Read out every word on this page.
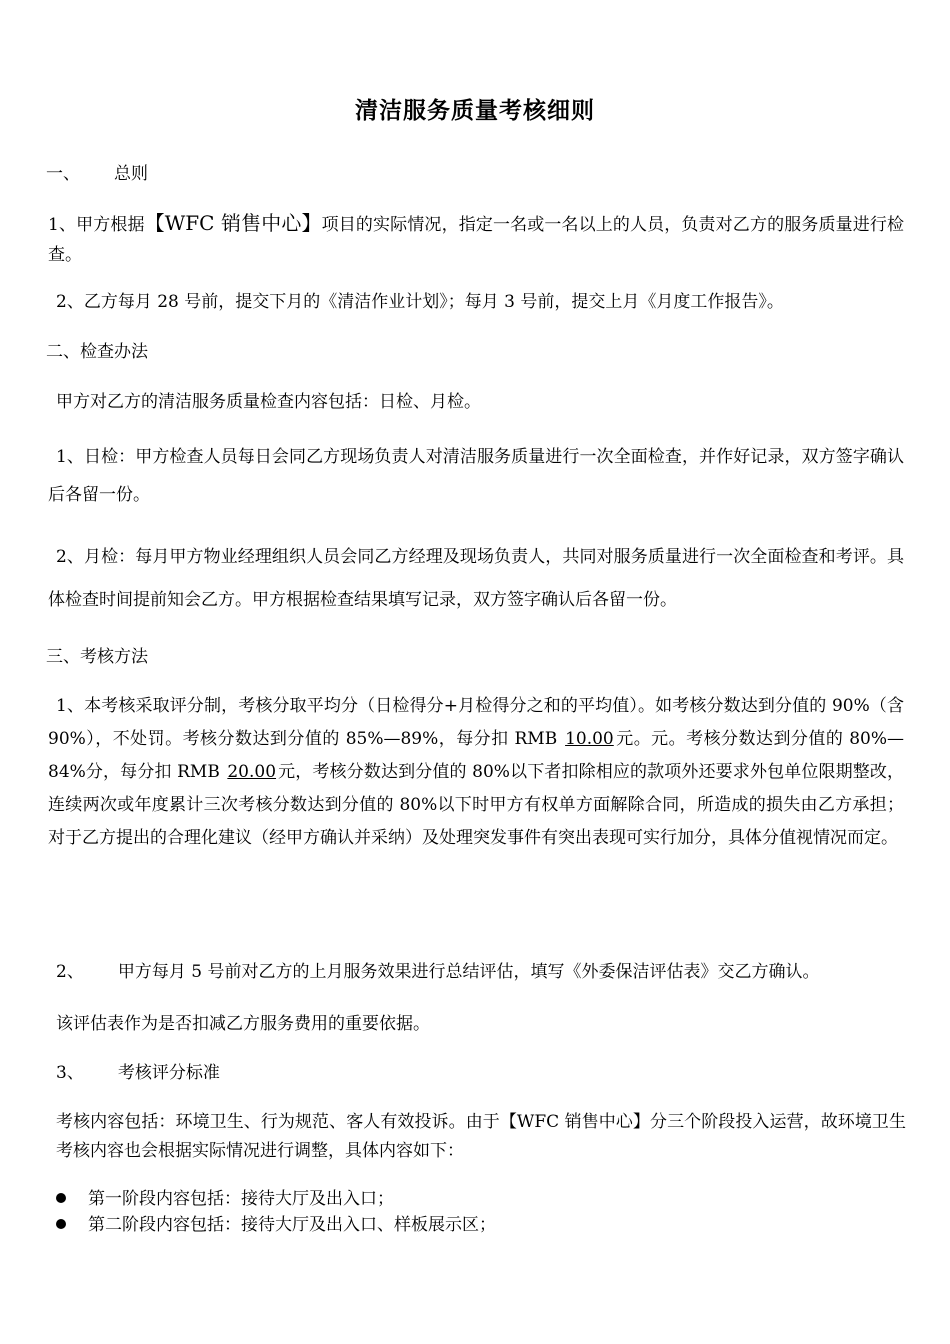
清洁服务质量考核细则
一、 总则
1、甲方根据【WFC 销售中心】项目的实际情况，指定一名或一名以上的人员，负责对乙方的服务质量进行检查。
2、乙方每月 28 号前，提交下月的《清洁作业计划》；每月 3 号前，提交上月《月度工作报告》。
二、检查办法
甲方对乙方的清洁服务质量检查内容包括：日检、月检。
1、日检：甲方检查人员每日会同乙方现场负责人对清洁服务质量进行一次全面检查，并作好记录，双方签字确认后各留一份。
2、月检：每月甲方物业经理组织人员会同乙方经理及现场负责人，共同对服务质量进行一次全面检查和考评。具体检查时间提前知会乙方。甲方根据检查结果填写记录，双方签字确认后各留一份。
三、考核方法
1、本考核采取评分制，考核分取平均分（日检得分+月检得分之和的平均值）。如考核分数达到分值的 90%（含 90%），不处罚。考核分数达到分值的 85%—89%，每分扣 RMB 10.00 元。元。考核分数达到分值的 80%—84%分，每分扣 RMB 20.00 元，考核分数达到分值的 80%以下者扣除相应的款项外还要求外包单位限期整改，连续两次或年度累计三次考核分数达到分值的 80%以下时甲方有权单方面解除合同，所造成的损失由乙方承担；对于乙方提出的合理化建议（经甲方确认并采纳）及处理突发事件有突出表现可实行加分，具体分值视情况而定。
2、 甲方每月 5 号前对乙方的上月服务效果进行总结评估，填写《外委保洁评估表》交乙方确认。
该评估表作为是否扣减乙方服务费用的重要依据。
3、 考核评分标准
考核内容包括：环境卫生、行为规范、客人有效投诉。由于【WFC 销售中心】分三个阶段投入运营，故环境卫生考核内容也会根据实际情况进行调整，具体内容如下：
第一阶段内容包括：接待大厅及出入口；
第二阶段内容包括：接待大厅及出入口、样板展示区；
